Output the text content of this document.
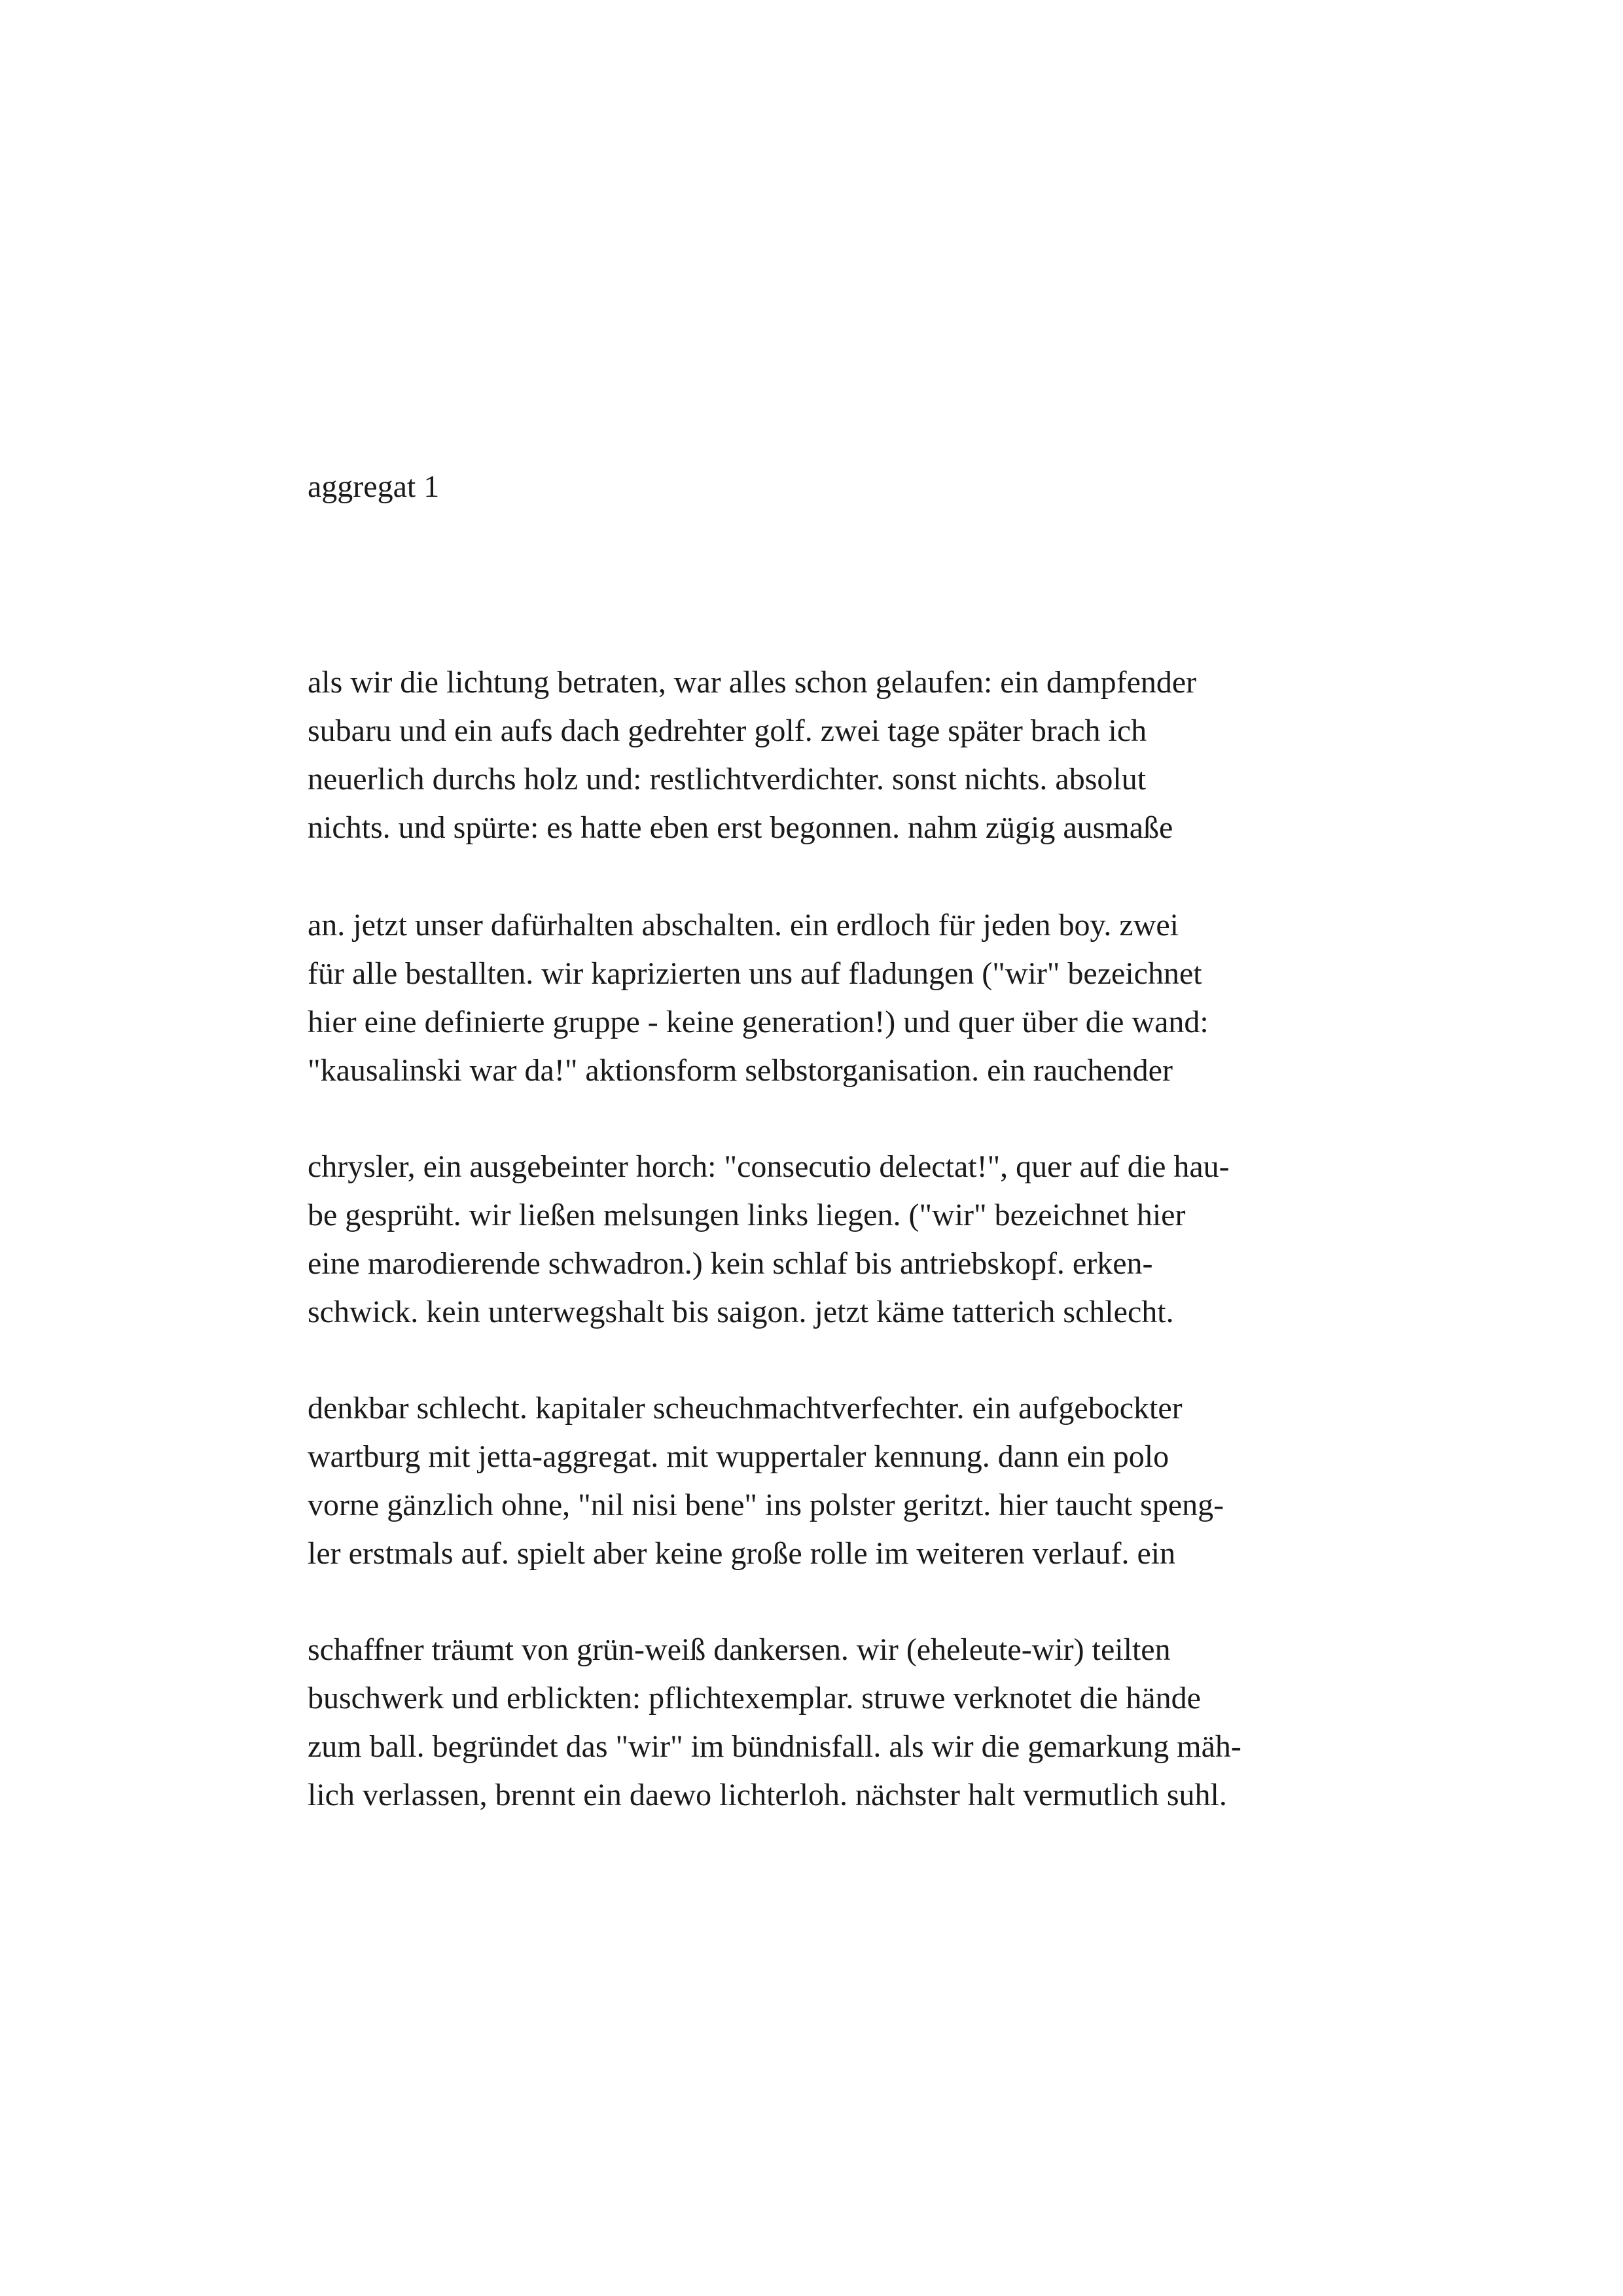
aggregat 1

als wir die lichtung betraten, war alles schon gelaufen: ein dampfender
subaru und ein aufs dach gedrehter golf. zwei tage später brach ich
neuerlich durchs holz und: restlichtverdichter. sonst nichts. absolut
nichts. und spürte: es hatte eben erst begonnen. nahm zügig ausmaße

an. jetzt unser dafürhalten abschalten. ein erdloch für jeden boy. zwei
für alle bestallten. wir kaprizierten uns auf fladungen ("wir" bezeichnet
hier eine definierte gruppe - keine generation!) und quer über die wand:
"kausalinski war da!" aktionsform selbstorganisation. ein rauchender

chrysler, ein ausgebeinter horch: "consecutio delectat!", quer auf die hau-
be gesprüht. wir ließen melsungen links liegen. ("wir" bezeichnet hier
eine marodierende schwadron.) kein schlaf bis antriebskopf. erken-
schwick. kein unterwegshalt bis saigon. jetzt käme tatterich schlecht.

denkbar schlecht. kapitaler scheuchmachtverfechter. ein aufgebockter
wartburg mit jetta-aggregat. mit wuppertaler kennung. dann ein polo
vorne gänzlich ohne, "nil nisi bene" ins polster geritzt. hier taucht speng-
ler erstmals auf. spielt aber keine große rolle im weiteren verlauf. ein

schaffner träumt von grün-weiß dankersen. wir (eheleute-wir) teilten
buschwerk und erblickten: pflichtexemplar. struwe verknotet die hände
zum ball. begründet das "wir" im bündnisfall. als wir die gemarkung mäh-
lich verlassen, brennt ein daewo lichterloh. nächster halt vermutlich suhl.
